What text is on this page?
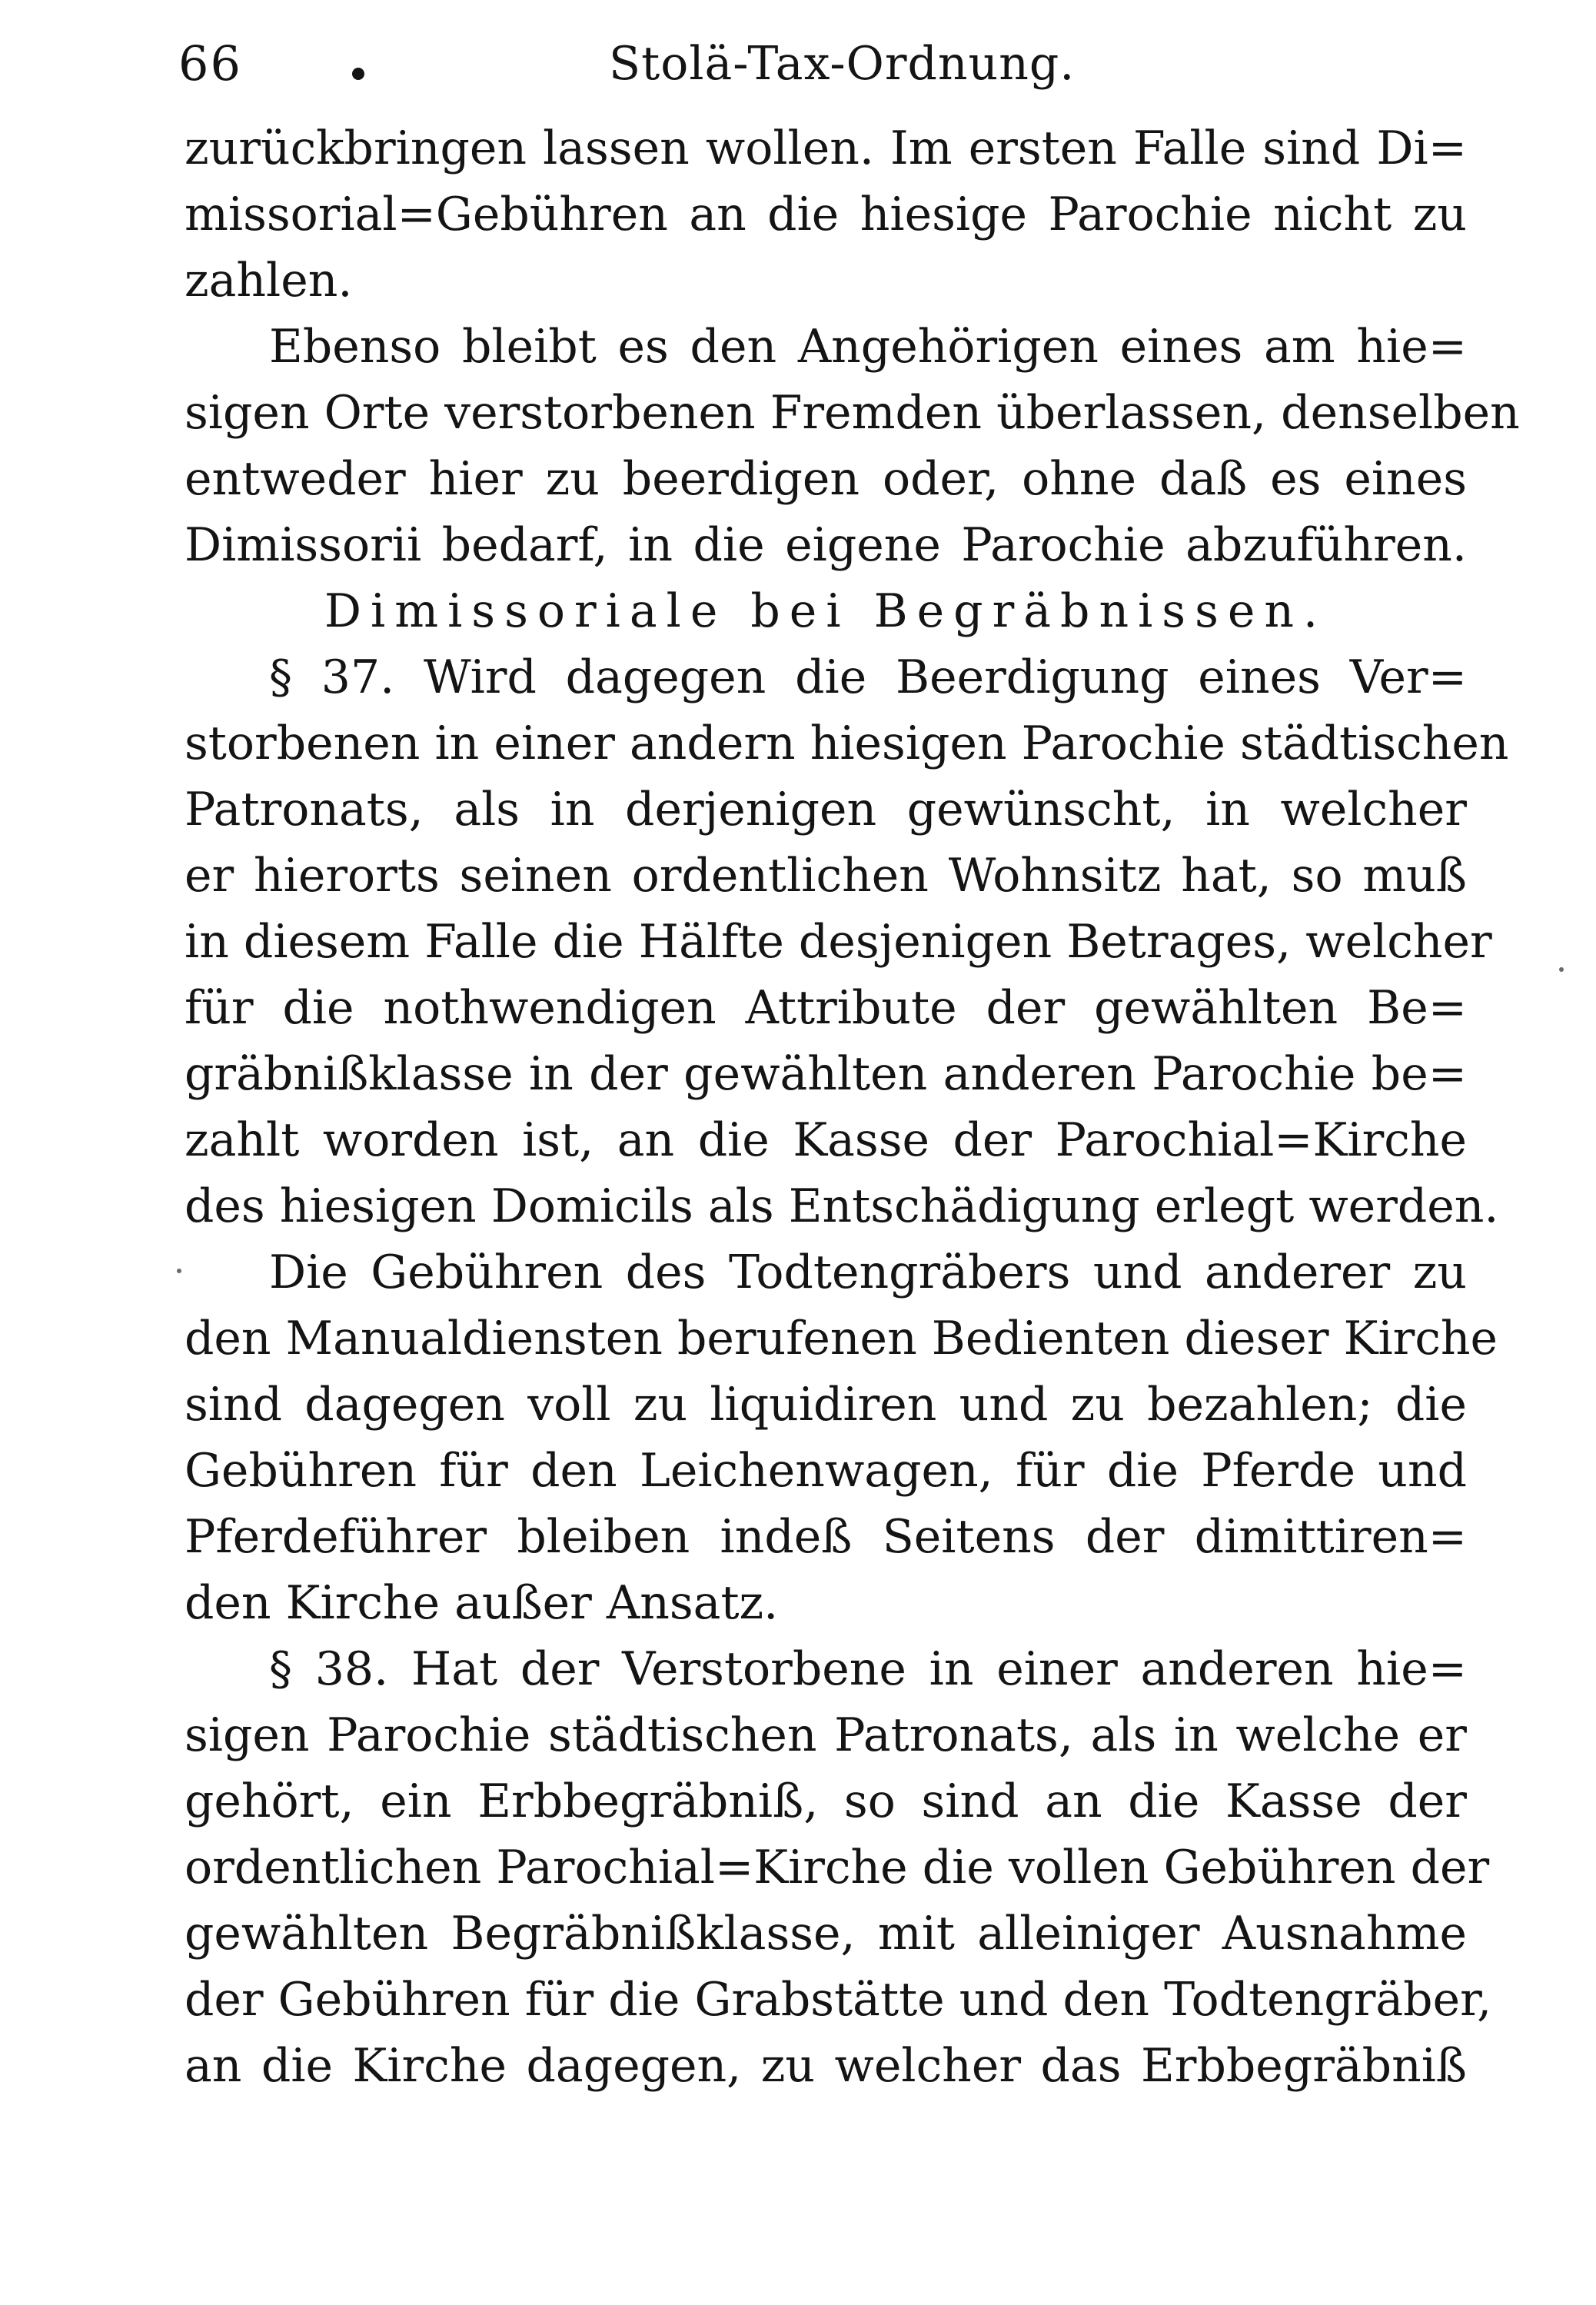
66	Stolä-Tax-Ordnung.
zurückbringen lassen wollen. Im ersten Falle sind Di=
missorial=Gebühren an die hiesige Parochie nicht zu
zahlen.
Ebenso bleibt es den Angehörigen eines am hie=
sigen Orte verstorbenen Fremden überlassen, denselben
entweder hier zu beerdigen oder, ohne daß es eines
Dimissorii bedarf, in die eigene Parochie abzuführen.
Dimissoriale bei Begräbnissen.
§ 37. Wird dagegen die Beerdigung eines Ver=
storbenen in einer andern hiesigen Parochie städtischen
Patronats, als in derjenigen gewünscht, in welcher
er hierorts seinen ordentlichen Wohnsitz hat, so muß
in diesem Falle die Hälfte desjenigen Betrages, welcher
für die nothwendigen Attribute der gewählten Be=
gräbnißklasse in der gewählten anderen Parochie be=
zahlt worden ist, an die Kasse der Parochial=Kirche
des hiesigen Domicils als Entschädigung erlegt werden.
Die Gebühren des Todtengräbers und anderer zu
den Manualdiensten berufenen Bedienten dieser Kirche
sind dagegen voll zu liquidiren und zu bezahlen; die
Gebühren für den Leichenwagen, für die Pferde und
Pferdeführer bleiben indeß Seitens der dimittiren=
den Kirche außer Ansatz.
§ 38. Hat der Verstorbene in einer anderen hie=
sigen Parochie städtischen Patronats, als in welche er
gehört, ein Erbbegräbniß, so sind an die Kasse der
ordentlichen Parochial=Kirche die vollen Gebühren der
gewählten Begräbnißklasse, mit alleiniger Ausnahme
der Gebühren für die Grabstätte und den Todtengräber,
an die Kirche dagegen, zu welcher das Erbbegräbniß
